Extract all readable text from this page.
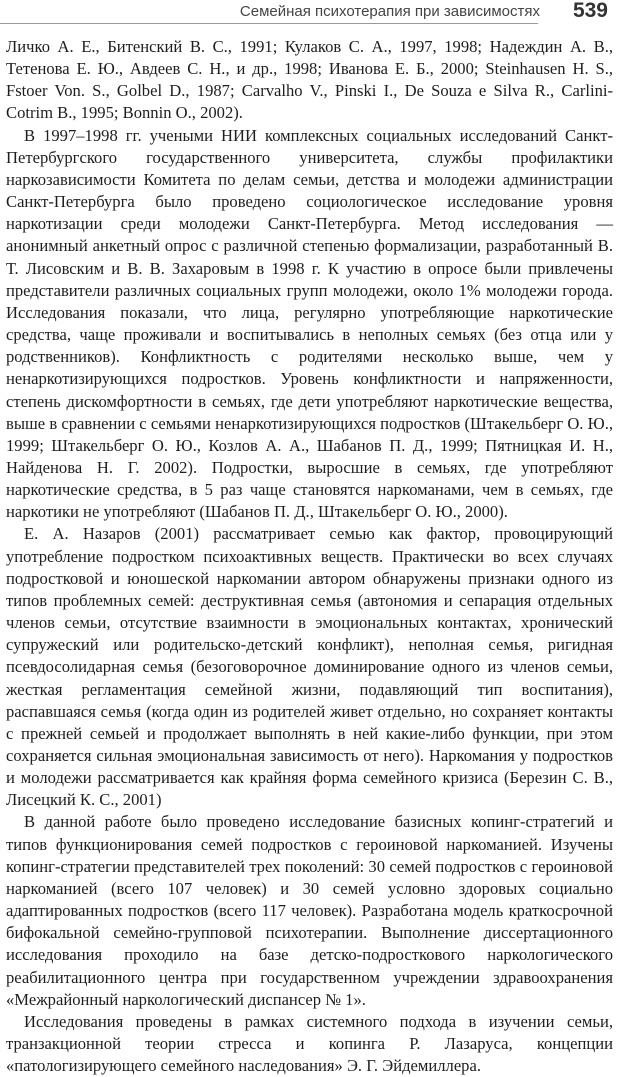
Семейная психотерапия при зависимостях 539

Личко А. Е., Битенский В. С., 1991; Кулаков С. А., 1997, 1998; Надеждин А. В., Тетенова Е. Ю., Авдеев С. Н., и др., 1998; Иванова Е. Б., 2000; Steinhausen H. S., Fstoer Von. S., Golbel D., 1987; Carvalho V., Pinski I., De Souza e Silva R., Carlini-Cotrim B., 1995; Bonnin O., 2002).

В 1997–1998 гг. учеными НИИ комплексных социальных исследований Санкт-Петербургского государственного университета, службы профилактики наркозависимости Комитета по делам семьи, детства и молодежи администрации Санкт-Петербурга было проведено социологическое исследование уровня наркотизации среди молодежи Санкт-Петербурга. Метод исследования — анонимный анкетный опрос с различной степенью формализации, разработанный В. Т. Лисовским и В. В. Захаровым в 1998 г. К участию в опросе были привлечены представители различных социальных групп молодежи, около 1% молодежи города. Исследования показали, что лица, регулярно употребляющие наркотические средства, чаще проживали и воспитывались в неполных семьях (без отца или у родственников). Конфликтность с родителями несколько выше, чем у ненаркотизирующихся подростков. Уровень конфликтности и напряженности, степень дискомфортности в семьях, где дети употребляют наркотические вещества, выше в сравнении с семьями ненаркотизирующихся подростков (Штакельберг О. Ю., 1999; Штакельберг О. Ю., Козлов А. А., Шабанов П. Д., 1999; Пятницкая И. Н., Найденова Н. Г. 2002). Подростки, выросшие в семьях, где употребляют наркотические средства, в 5 раз чаще становятся наркоманами, чем в семьях, где наркотики не употребляют (Шабанов П. Д., Штакельберг О. Ю., 2000).

Е. А. Назаров (2001) рассматривает семью как фактор, провоцирующий употребление подростком психоактивных веществ. Практически во всех случаях подростковой и юношеской наркомании автором обнаружены признаки одного из типов проблемных семей: деструктивная семья (автономия и сепарация отдельных членов семьи, отсутствие взаимности в эмоциональных контактах, хронический супружеский или родительско-детский конфликт), неполная семья, ригидная псевдосолидарная семья (безоговорочное доминирование одного из членов семьи, жесткая регламентация семейной жизни, подавляющий тип воспитания), распавшаяся семья (когда один из родителей живет отдельно, но сохраняет контакты с прежней семьей и продолжает выполнять в ней какие-либо функции, при этом сохраняется сильная эмоциональная зависимость от него). Наркомания у подростков и молодежи рассматривается как крайняя форма семейного кризиса (Березин С. В., Лисецкий К. С., 2001)

В данной работе было проведено исследование базисных копинг-стратегий и типов функционирования семей подростков с героиновой наркоманией. Изучены копинг-стратегии представителей трех поколений: 30 семей подростков с героиновой наркоманией (всего 107 человек) и 30 семей условно здоровых социально адаптированных подростков (всего 117 человек). Разработана модель краткосрочной бифокальной семейно-групповой психотерапии. Выполнение диссертационного исследования проходило на базе детско-подросткового наркологического реабилитационного центра при государственном учреждении здравоохранения «Межрайонный наркологический диспансер № 1».

Исследования проведены в рамках системного подхода в изучении семьи, транзакционной теории стресса и копинга Р. Лазаруса, концепции «патологизирующего семейного наследования» Э. Г. Эйдемиллера.
